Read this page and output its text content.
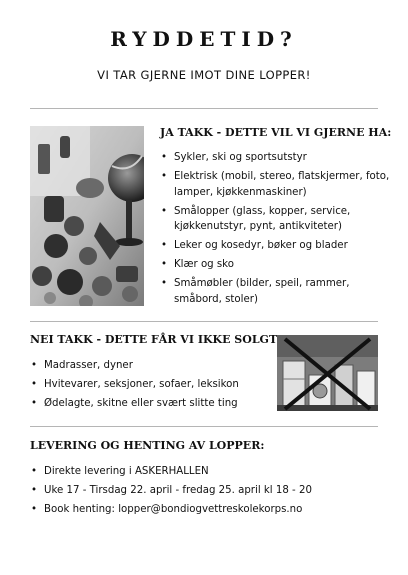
RYDDETID?
VI TAR GJERNE IMOT DINE LOPPER!
JA TAKK - DETTE VIL VI GJERNE HA:
• Sykler, ski og sportsutstyr
• Elektrisk (mobil, stereo, flatskjermer, foto, lamper, kjøkkenmaskiner)
• Smålopper (glass, kopper, service, kjøkkenutstyr, pynt, antikviteter)
• Leker og kosedyr, bøker og blader
• Klær og sko
• Småmøbler (bilder, speil, rammer, småbord, stoler)
NEI TAKK - DETTE FÅR VI IKKE SOLGT
• Madrasser, dyner
• Hvitevarer, seksjoner, sofaer, leksikon
• Ødelagte, skitne eller svært slitte ting
LEVERING OG HENTING AV LOPPER:
• Direkte levering i ASKERHALLEN
• Uke 17 - Tirsdag 22. april - fredag 25. april kl 18 - 20
• Book henting: lopper@bondiogvettreskolekorps.no
